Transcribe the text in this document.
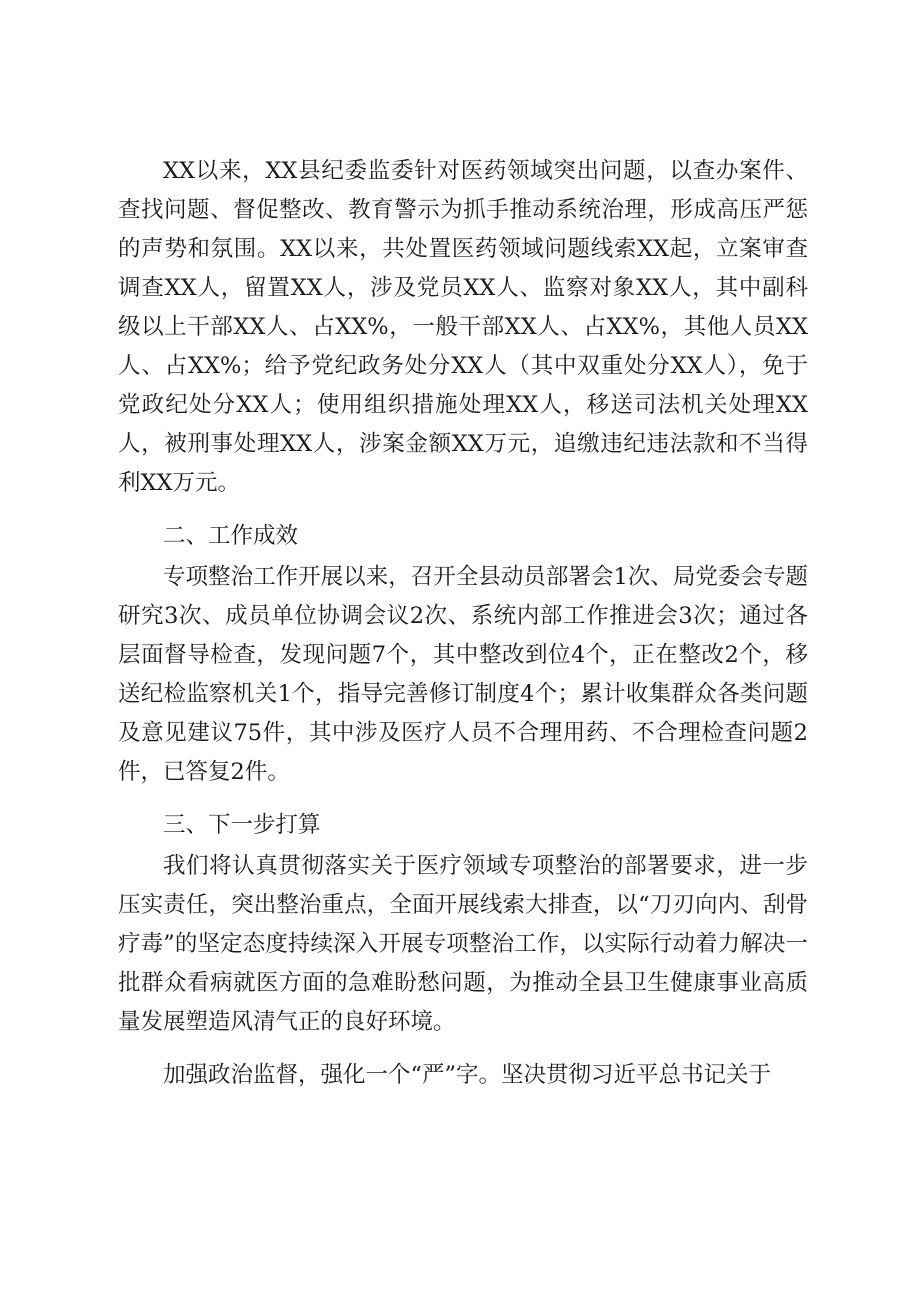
XX以来，XX县纪委监委针对医药领域突出问题，以查办案件、查找问题、督促整改、教育警示为抓手推动系统治理，形成高压严惩的声势和氛围。XX以来，共处置医药领域问题线索XX起，立案审查调查XX人，留置XX人，涉及党员XX人、监察对象XX人，其中副科级以上干部XX人、占XX%，一般干部XX人、占XX%，其他人员XX人、占XX%；给予党纪政务处分XX人（其中双重处分XX人），免于党政纪处分XX人；使用组织措施处理XX人，移送司法机关处理XX人，被刑事处理XX人，涉案金额XX万元，追缴违纪违法款和不当得利XX万元。

二、工作成效

专项整治工作开展以来，召开全县动员部署会1次、局党委会专题研究3次、成员单位协调会议2次、系统内部工作推进会3次；通过各层面督导检查，发现问题7个，其中整改到位4个，正在整改2个，移送纪检监察机关1个，指导完善修订制度4个；累计收集群众各类问题及意见建议75件，其中涉及医疗人员不合理用药、不合理检查问题2件，已答复2件。

三、下一步打算

我们将认真贯彻落实关于医疗领域专项整治的部署要求，进一步压实责任，突出整治重点，全面开展线索大排查，以“刀刃向内、刮骨疗毒”的坚定态度持续深入开展专项整治工作，以实际行动着力解决一批群众看病就医方面的急难盼愁问题，为推动全县卫生健康事业高质量发展塑造风清气正的良好环境。

加强政治监督，强化一个“严”字。坚决贯彻习近平总书记关于
